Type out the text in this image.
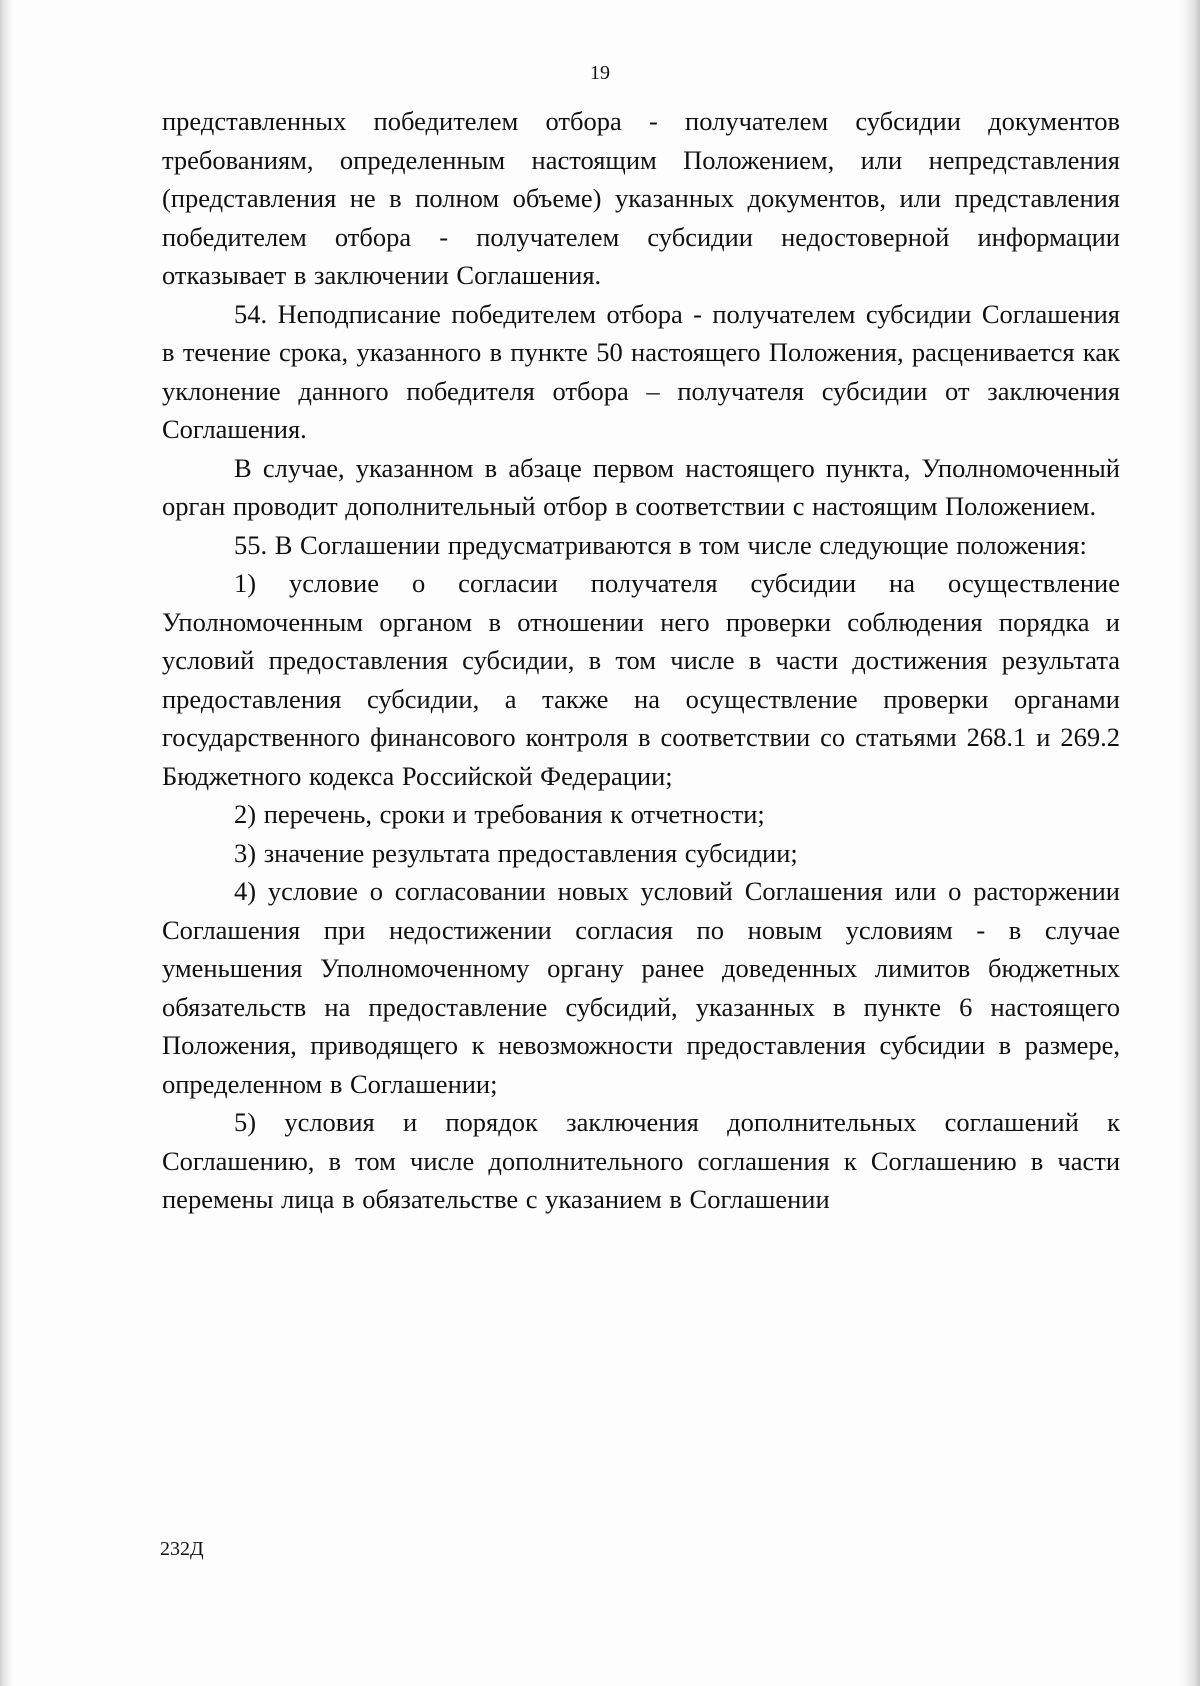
19

представленных победителем отбора - получателем субсидии документов требованиям, определенным настоящим Положением, или непредставления (представления не в полном объеме) указанных документов, или представления победителем отбора - получателем субсидии недостоверной информации отказывает в заключении Соглашения.

54. Неподписание победителем отбора - получателем субсидии Соглашения в течение срока, указанного в пункте 50 настоящего Положения, расценивается как уклонение данного победителя отбора – получателя субсидии от заключения Соглашения.

В случае, указанном в абзаце первом настоящего пункта, Уполномоченный орган проводит дополнительный отбор в соответствии с настоящим Положением.

55. В Соглашении предусматриваются в том числе следующие положения:

1) условие о согласии получателя субсидии на осуществление Уполномоченным органом в отношении него проверки соблюдения порядка и условий предоставления субсидии, в том числе в части достижения результата предоставления субсидии, а также на осуществление проверки органами государственного финансового контроля в соответствии со статьями 268.1 и 269.2 Бюджетного кодекса Российской Федерации;

2) перечень, сроки и требования к отчетности;

3) значение результата предоставления субсидии;

4) условие о согласовании новых условий Соглашения или о расторжении Соглашения при недостижении согласия по новым условиям - в случае уменьшения Уполномоченному органу ранее доведенных лимитов бюджетных обязательств на предоставление субсидий, указанных в пункте 6 настоящего Положения, приводящего к невозможности предоставления субсидии в размере, определенном в Соглашении;

5) условия и порядок заключения дополнительных соглашений к Соглашению, в том числе дополнительного соглашения к Соглашению в части перемены лица в обязательстве с указанием в Соглашении

232Д
